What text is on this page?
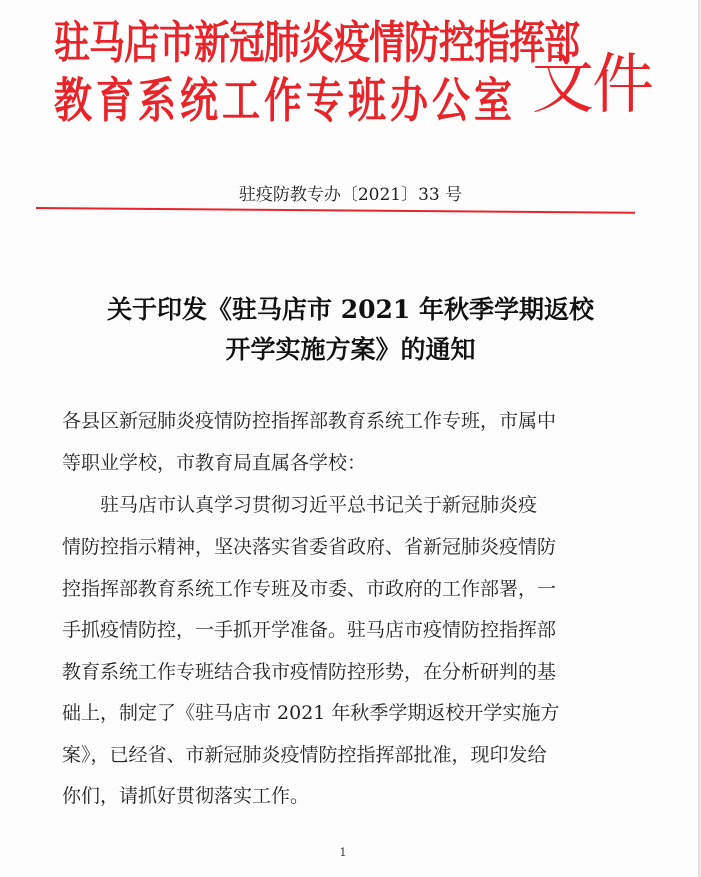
驻马店市新冠肺炎疫情防控指挥部
教育系统工作专班办公室 文件
驻疫防教专办〔2021〕33 号
关于印发《驻马店市 2021 年秋季学期返校
开学实施方案》的通知
各县区新冠肺炎疫情防控指挥部教育系统工作专班，市属中
等职业学校，市教育局直属各学校：
　　驻马店市认真学习贯彻习近平总书记关于新冠肺炎疫
情防控指示精神，坚决落实省委省政府、省新冠肺炎疫情防
控指挥部教育系统工作专班及市委、市政府的工作部署，一
手抓疫情防控，一手抓开学准备。驻马店市疫情防控指挥部
教育系统工作专班结合我市疫情防控形势，在分析研判的基
础上，制定了《驻马店市 2021 年秋季学期返校开学实施方
案》，已经省、市新冠肺炎疫情防控指挥部批准，现印发给
你们，请抓好贯彻落实工作。
1
